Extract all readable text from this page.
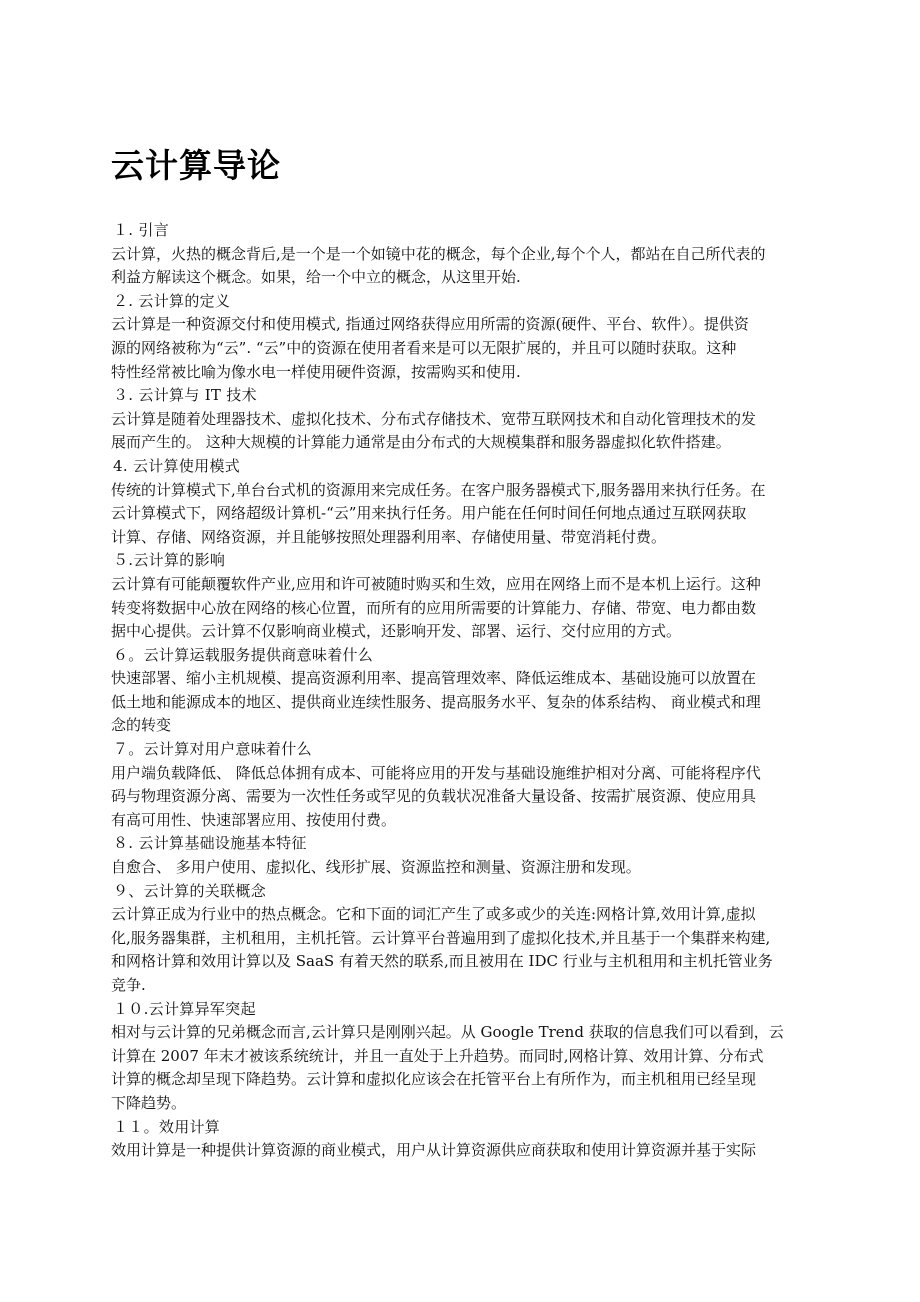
云计算导论
１. 引言
云计算，火热的概念背后,是一个是一个如镜中花的概念，每个企业,每个个人，都站在自己所代表的
利益方解读这个概念。如果，给一个中立的概念，从这里开始.
２. 云计算的定义
云计算是一种资源交付和使用模式, 指通过网络获得应用所需的资源(硬件、平台、软件）。提供资
源的网络被称为“云”. “云”中的资源在使用者看来是可以无限扩展的，并且可以随时获取。这种
特性经常被比喻为像水电一样使用硬件资源，按需购买和使用.
３. 云计算与 IT 技术
云计算是随着处理器技术、虚拟化技术、分布式存储技术、宽带互联网技术和自动化管理技术的发
展而产生的。 这种大规模的计算能力通常是由分布式的大规模集群和服务器虚拟化软件搭建。
4. 云计算使用模式
传统的计算模式下,单台台式机的资源用来完成任务。在客户服务器模式下,服务器用来执行任务。在
云计算模式下，网络超级计算机-“云”用来执行任务。用户能在任何时间任何地点通过互联网获取
计算、存储、网络资源，并且能够按照处理器利用率、存储使用量、带宽消耗付费。
５.云计算的影响
云计算有可能颠覆软件产业,应用和许可被随时购买和生效，应用在网络上而不是本机上运行。这种
转变将数据中心放在网络的核心位置，而所有的应用所需要的计算能力、存储、带宽、电力都由数
据中心提供。云计算不仅影响商业模式，还影响开发、部署、运行、交付应用的方式。
６。云计算运载服务提供商意味着什么
快速部署、缩小主机规模、提高资源利用率、提高管理效率、降低运维成本、基础设施可以放置在
低土地和能源成本的地区、提供商业连续性服务、提高服务水平、复杂的体系结构、 商业模式和理
念的转变
７。云计算对用户意味着什么
用户端负载降低、 降低总体拥有成本、可能将应用的开发与基础设施维护相对分离、可能将程序代
码与物理资源分离、需要为一次性任务或罕见的负载状况准备大量设备、按需扩展资源、使应用具
有高可用性、快速部署应用、按使用付费。
８. 云计算基础设施基本特征
自愈合、 多用户使用、虚拟化、线形扩展、资源监控和测量、资源注册和发现。
９、云计算的关联概念
云计算正成为行业中的热点概念。它和下面的词汇产生了或多或少的关连:网格计算,效用计算,虚拟
化,服务器集群，主机租用，主机托管。云计算平台普遍用到了虚拟化技术,并且基于一个集群来构建,
和网格计算和效用计算以及 SaaS 有着天然的联系,而且被用在 IDC 行业与主机租用和主机托管业务
竞争.
１０.云计算异军突起
相对与云计算的兄弟概念而言,云计算只是刚刚兴起。从 Google Trend 获取的信息我们可以看到，云
计算在 2007 年末才被该系统统计，并且一直处于上升趋势。而同时,网格计算、效用计算、分布式
计算的概念却呈现下降趋势。云计算和虚拟化应该会在托管平台上有所作为，而主机租用已经呈现
下降趋势。
１１。效用计算
效用计算是一种提供计算资源的商业模式，用户从计算资源供应商获取和使用计算资源并基于实际
